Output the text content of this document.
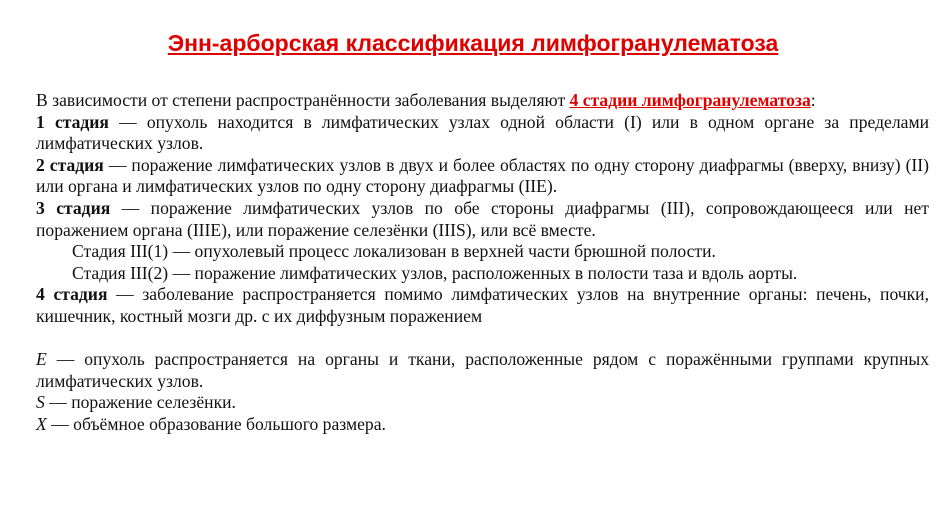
Энн-арборская классификация лимфогранулематоза

В зависимости от степени распространённости заболевания выделяют 4 стадии лимфогранулематоза:

1 стадия — опухоль находится в лимфатических узлах одной области (I) или в одном органе за пределами лимфатических узлов.

2 стадия — поражение лимфатических узлов в двух и более областях по одну сторону диафрагмы (вверху, внизу) (II) или органа и лимфатических узлов по одну сторону диафрагмы (IIE).

3 стадия — поражение лимфатических узлов по обе стороны диафрагмы (III), сопровождающееся или нет поражением органа (IIIE), или поражение селезёнки (IIIS), или всё вместе.

Стадия III(1) — опухолевый процесс локализован в верхней части брюшной полости.

Стадия III(2) — поражение лимфатических узлов, расположенных в полости таза и вдоль аорты.

4 стадия — заболевание распространяется помимо лимфатических узлов на внутренние органы: печень, почки, кишечник, костный мозги др. с их диффузным поражением

E — опухоль распространяется на органы и ткани, расположенные рядом с поражёнными группами крупных лимфатических узлов.

S — поражение селезёнки.

X — объёмное образование большого размера.
